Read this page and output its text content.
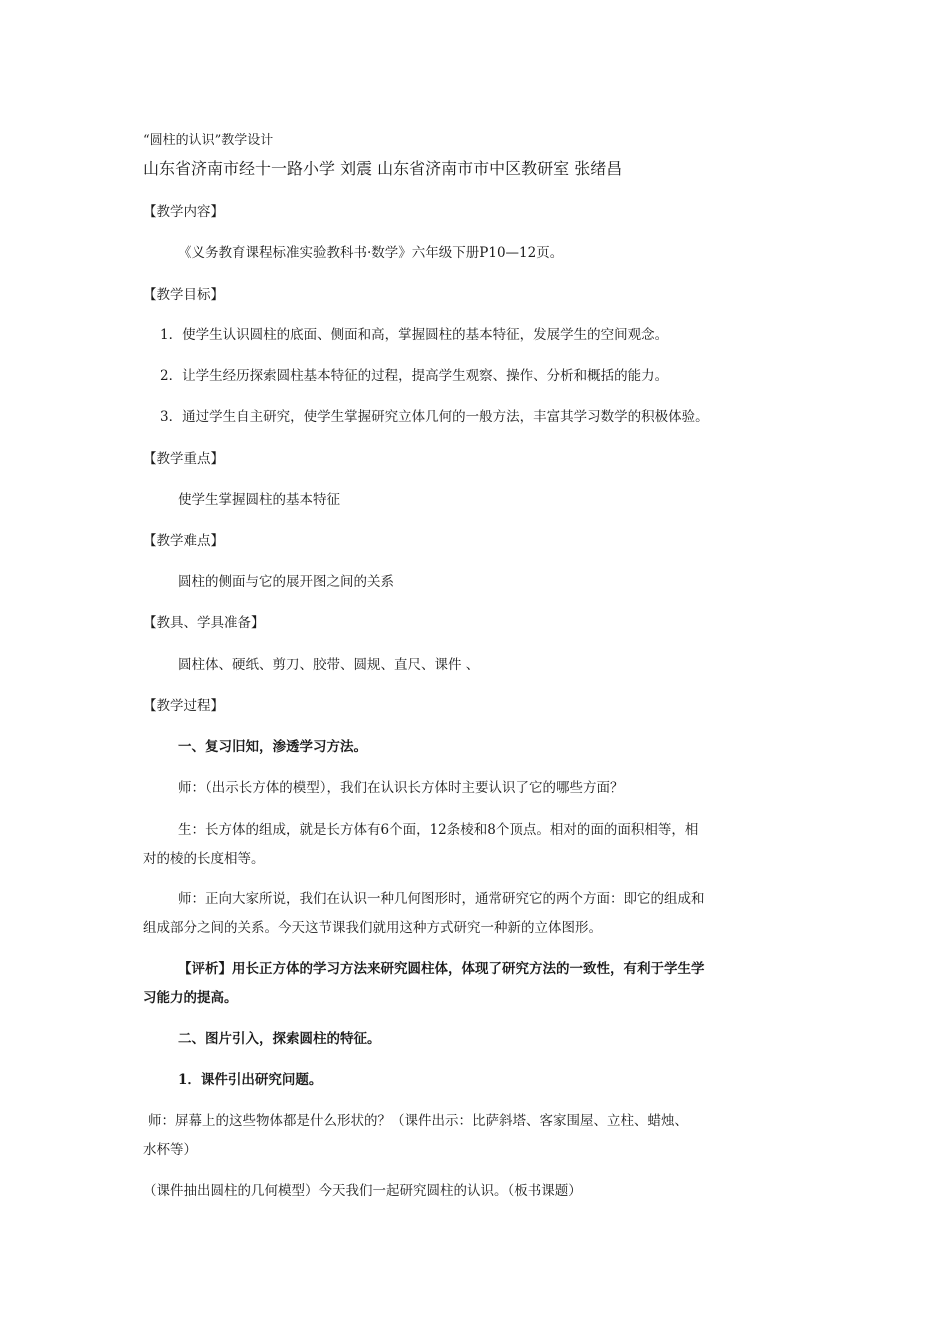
“圆柱的认识”教学设计
山东省济南市经十一路小学 刘震 山东省济南市市中区教研室 张绪昌
【教学内容】
《义务教育课程标准实验教科书·数学》六年级下册P10—12页。
【教学目标】
1．使学生认识圆柱的底面、侧面和高，掌握圆柱的基本特征，发展学生的空间观念。
2．让学生经历探索圆柱基本特征的过程，提高学生观察、操作、分析和概括的能力。
3．通过学生自主研究，使学生掌握研究立体几何的一般方法，丰富其学习数学的积极体验。
【教学重点】
使学生掌握圆柱的基本特征
【教学难点】
圆柱的侧面与它的展开图之间的关系
【教具、学具准备】
圆柱体、硬纸、剪刀、胶带、圆规、直尺、课件 、
【教学过程】
一、复习旧知，渗透学习方法。
师：（出示长方体的模型），我们在认识长方体时主要认识了它的哪些方面？
生：长方体的组成，就是长方体有6个面，12条棱和8个顶点。相对的面的面积相等，相
对的棱的长度相等。
师：正向大家所说，我们在认识一种几何图形时，通常研究它的两个方面：即它的组成和
组成部分之间的关系。今天这节课我们就用这种方式研究一种新的立体图形。
【评析】用长正方体的学习方法来研究圆柱体，体现了研究方法的一致性，有利于学生学
习能力的提高。
二、图片引入，探索圆柱的特征。
1．课件引出研究问题。
师：屏幕上的这些物体都是什么形状的？（课件出示：比萨斜塔、客家围屋、立柱、蜡烛、
水杯等）
（课件抽出圆柱的几何模型）今天我们一起研究圆柱的认识。（板书课题）
